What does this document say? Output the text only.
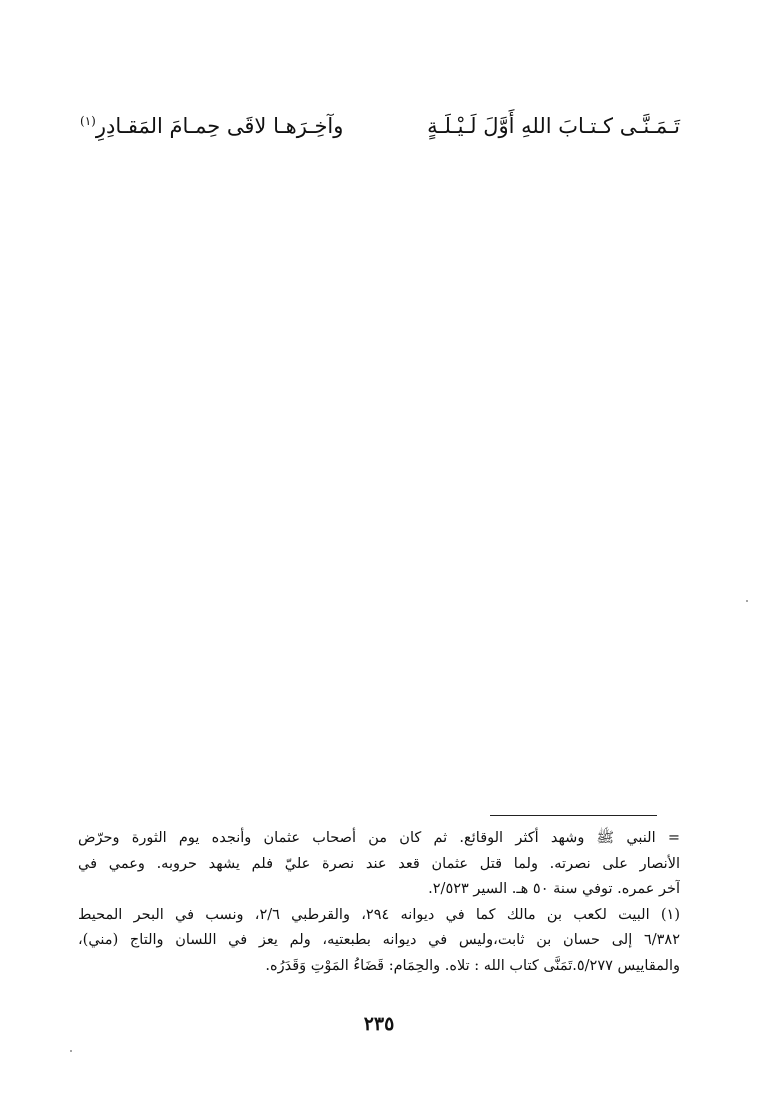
تَـمَـنَّـى كـتـابَ اللهِ أَوَّلَ لَـيْـلَـةٍ
وآخِـرَهـا لاقَى حِمـامَ المَقـادِرِ$^{(١)}$
= النبي ﷺ وشهد أكثر الوقائع. ثم كان من أصحاب عثمان وأنجده يوم الثورة وحرّض
الأنصار على نصرته. ولما قتل عثمان قعد عند نصرة عليّ فلم يشهد حروبه. وعمي في
آخر عمره. توفي سنة ٥٠ هـ. السير ٢/٥٢٣.
(١) البيت لكعب بن مالك كما في ديوانه ٢٩٤، والقرطبي ٢/٦، ونسب في البحر المحيط
٦/٣٨٢ إلى حسان بن ثابت،وليس في ديوانه بطبعتيه، ولم يعز في اللسان والتاج (مني)،
والمقاييس ٥/٢٧٧.تَمَنَّى كتاب الله : تلاه. والحِمَام: قَضَاءُ المَوْتِ وَقَدَرُه.
٢٣٥
